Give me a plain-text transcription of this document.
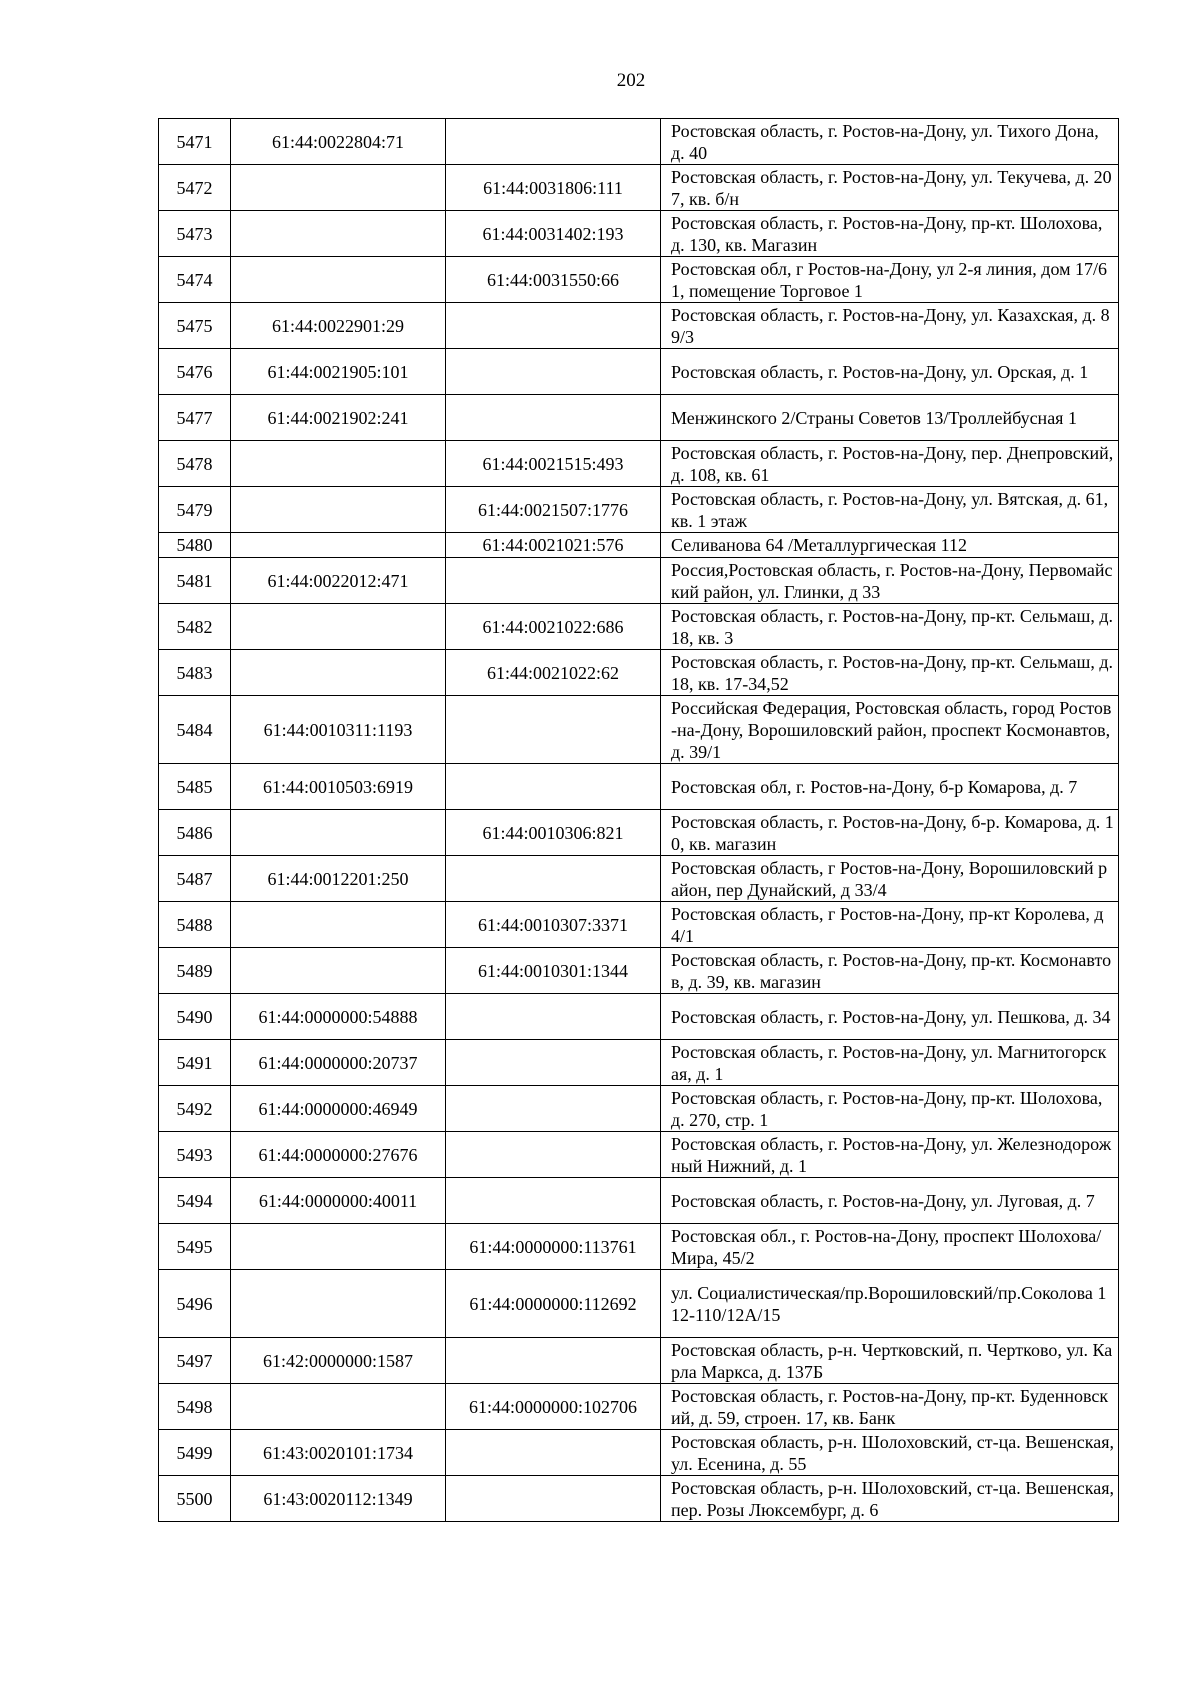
202
5471	61:44:0022804:71		Ростовская область, г. Ростов-на-Дону, ул. Тихого Дона, д. 40
5472		61:44:0031806:111	Ростовская область, г. Ростов-на-Дону, ул. Текучева, д. 207, кв. б/н
5473		61:44:0031402:193	Ростовская область, г. Ростов-на-Дону, пр-кт. Шолохова, д. 130, кв. Магазин
5474		61:44:0031550:66	Ростовская обл, г Ростов-на-Дону, ул 2-я линия, дом 17/61, помещение Торговое 1
5475	61:44:0022901:29		Ростовская область, г. Ростов-на-Дону, ул. Казахская, д. 89/3
5476	61:44:0021905:101		Ростовская область, г. Ростов-на-Дону, ул. Орская, д. 1
5477	61:44:0021902:241		Менжинского 2/Страны Советов 13/Троллейбусная 1
5478		61:44:0021515:493	Ростовская область, г. Ростов-на-Дону, пер. Днепровский, д. 108, кв. 61
5479		61:44:0021507:1776	Ростовская область, г. Ростов-на-Дону, ул. Вятская, д. 61, кв. 1 этаж
5480		61:44:0021021:576	Селиванова 64 /Металлургическая 112
5481	61:44:0022012:471		Россия,Ростовская область, г. Ростов-на-Дону, Первомайский район, ул. Глинки, д 33
5482		61:44:0021022:686	Ростовская область, г. Ростов-на-Дону, пр-кт. Сельмаш, д. 18, кв. 3
5483		61:44:0021022:62	Ростовская область, г. Ростов-на-Дону, пр-кт. Сельмаш, д. 18, кв. 17-34,52
5484	61:44:0010311:1193		Российская Федерация, Ростовская область, город Ростов-на-Дону, Ворошиловский район, проспект Космонавтов, д. 39/1
5485	61:44:0010503:6919		Ростовская обл, г. Ростов-на-Дону, б-р Комарова, д. 7
5486		61:44:0010306:821	Ростовская область, г. Ростов-на-Дону, б-р. Комарова, д. 10, кв. магазин
5487	61:44:0012201:250		Ростовская область, г Ростов-на-Дону, Ворошиловский район, пер Дунайский, д 33/4
5488		61:44:0010307:3371	Ростовская область, г Ростов-на-Дону, пр-кт Королева, д 4/1
5489		61:44:0010301:1344	Ростовская область, г. Ростов-на-Дону, пр-кт. Космонавтов, д. 39, кв. магазин
5490	61:44:0000000:54888		Ростовская область, г. Ростов-на-Дону, ул. Пешкова, д. 34
5491	61:44:0000000:20737		Ростовская область, г. Ростов-на-Дону, ул. Магнитогорская, д. 1
5492	61:44:0000000:46949		Ростовская область, г. Ростов-на-Дону, пр-кт. Шолохова, д. 270, стр. 1
5493	61:44:0000000:27676		Ростовская область, г. Ростов-на-Дону, ул. Железнодорожный Нижний, д. 1
5494	61:44:0000000:40011		Ростовская область, г. Ростов-на-Дону, ул. Луговая, д. 7
5495		61:44:0000000:113761	Ростовская обл., г. Ростов-на-Дону, проспект Шолохова/Мира, 45/2
5496		61:44:0000000:112692	ул. Социалистическая/пр.Ворошиловский/пр.Соколова 112-110/12А/15
5497	61:42:0000000:1587		Ростовская область, р-н. Чертковский, п. Чертково, ул. Карла Маркса, д. 137Б
5498		61:44:0000000:102706	Ростовская область, г. Ростов-на-Дону, пр-кт. Буденновский, д. 59, строен. 17, кв. Банк
5499	61:43:0020101:1734		Ростовская область, р-н. Шолоховский, ст-ца. Вешенская, ул. Есенина, д. 55
5500	61:43:0020112:1349		Ростовская область, р-н. Шолоховский, ст-ца. Вешенская, пер. Розы Люксембург, д. 6
